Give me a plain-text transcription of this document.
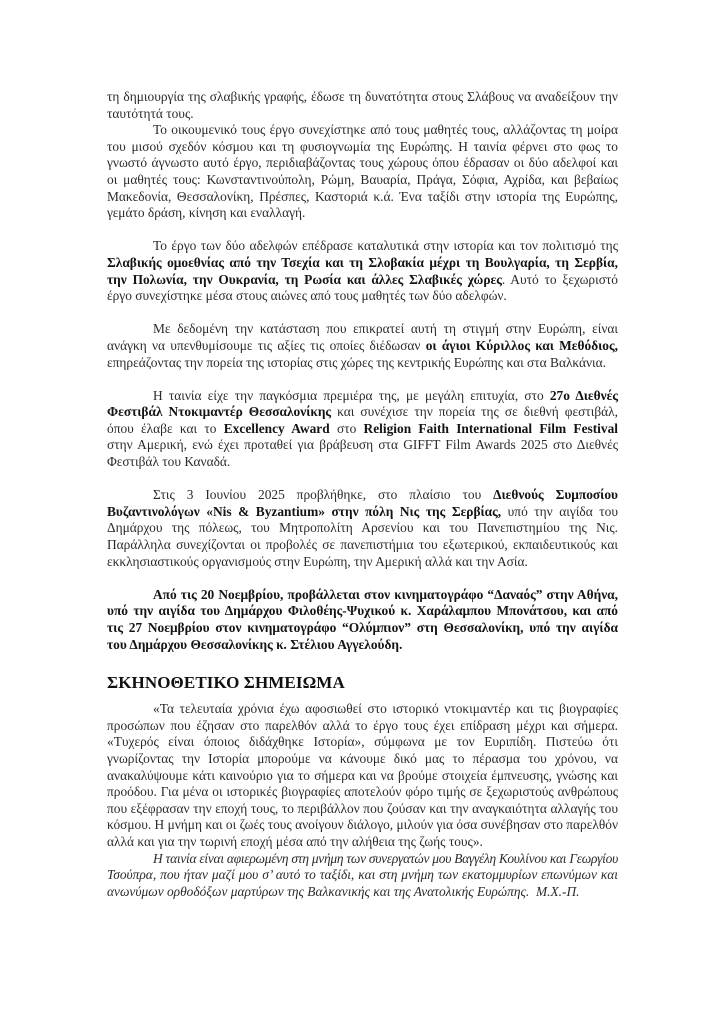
τη δημιουργία της σλαβικής γραφής, έδωσε τη δυνατότητα στους Σλάβους να αναδείξουν την
ταυτότητά τους.
Το οικουμενικό τους έργο συνεχίστηκε από τους μαθητές τους, αλλάζοντας τη μοίρα
του μισού σχεδόν κόσμου και τη φυσιογνωμία της Ευρώπης. Η ταινία φέρνει στο φως το
γνωστό άγνωστο αυτό έργο, περιδιαβάζοντας τους χώρους όπου έδρασαν οι δύο αδελφοί και
οι μαθητές τους: Κωνσταντινούπολη, Ρώμη, Βαυαρία, Πράγα, Σόφια, Αχρίδα, και βεβαίως
Μακεδονία, Θεσσαλονίκη, Πρέσπες, Καστοριά κ.ά. Ένα ταξίδι στην ιστορία της Ευρώπης,
γεμάτο δράση, κίνηση και εναλλαγή.
Το έργο των δύο αδελφών επέδρασε καταλυτικά στην ιστορία και τον πολιτισμό της
Σλαβικής ομοεθνίας από την Τσεχία και τη Σλοβακία μέχρι τη Βουλγαρία, τη Σερβία,
την Πολωνία, την Ουκρανία, τη Ρωσία και άλλες Σλαβικές χώρες. Αυτό το ξεχωριστό
έργο συνεχίστηκε μέσα στους αιώνες από τους μαθητές των δύο αδελφών.
Με δεδομένη την κατάσταση που επικρατεί αυτή τη στιγμή στην Ευρώπη, είναι
ανάγκη να υπενθυμίσουμε τις αξίες τις οποίες διέδωσαν οι άγιοι Κύριλλος και Μεθόδιος,
επηρεάζοντας την πορεία της ιστορίας στις χώρες της κεντρικής Ευρώπης και στα Βαλκάνια.
Η ταινία είχε την παγκόσμια πρεμιέρα της, με μεγάλη επιτυχία, στο 27ο Διεθνές
Φεστιβάλ Ντοκιμαντέρ Θεσσαλονίκης και συνέχισε την πορεία της σε διεθνή φεστιβάλ,
όπου έλαβε και το Excellency Award στο Religion Faith International Film Festival
στην Αμερική, ενώ έχει προταθεί για βράβευση στα GIFFT Film Awards 2025 στο Διεθνές
Φεστιβάλ του Καναδά.
Στις 3 Ιουνίου 2025 προβλήθηκε, στο πλαίσιο του Διεθνούς Συμποσίου
Βυζαντινολόγων «Nis & Byzantium» στην πόλη Νις της Σερβίας, υπό την αιγίδα του
Δημάρχου της πόλεως, του Μητροπολίτη Αρσενίου και του Πανεπιστημίου της Νις.
Παράλληλα συνεχίζονται οι προβολές σε πανεπιστήμια του εξωτερικού, εκπαιδευτικούς και
εκκλησιαστικούς οργανισμούς στην Ευρώπη, την Αμερική αλλά και την Ασία.
Από τις 20 Νοεμβρίου, προβάλλεται στον κινηματογράφο “Δαναός” στην Αθήνα,
υπό την αιγίδα του Δημάρχου Φιλοθέης-Ψυχικού κ. Χαράλαμπου Μπονάτσου, και από
τις 27 Νοεμβρίου στον κινηματογράφο “Ολύμπιον” στη Θεσσαλονίκη, υπό την αιγίδα
του Δημάρχου Θεσσαλονίκης κ. Στέλιου Αγγελούδη.
ΣΚΗΝΟΘΕΤΙΚΟ ΣΗΜΕΙΩΜΑ
«Τα τελευταία χρόνια έχω αφοσιωθεί στο ιστορικό ντοκιμαντέρ και τις βιογραφίες
προσώπων που έζησαν στο παρελθόν αλλά το έργο τους έχει επίδραση μέχρι και σήμερα.
«Τυχερός είναι όποιος διδάχθηκε Ιστορία», σύμφωνα με τον Ευριπίδη. Πιστεύω ότι
γνωρίζοντας την Ιστορία μπορούμε να κάνουμε δικό μας το πέρασμα του χρόνου, να
ανακαλύψουμε κάτι καινούριο για το σήμερα και να βρούμε στοιχεία έμπνευσης, γνώσης και
προόδου. Για μένα οι ιστορικές βιογραφίες αποτελούν φόρο τιμής σε ξεχωριστούς ανθρώπους
που εξέφρασαν την εποχή τους, το περιβάλλον που ζούσαν και την αναγκαιότητα αλλαγής του
κόσμου. Η μνήμη και οι ζωές τους ανοίγουν διάλογο, μιλούν για όσα συνέβησαν στο παρελθόν
αλλά και για την τωρινή εποχή μέσα από την αλήθεια της ζωής τους».
Η ταινία είναι αφιερωμένη στη μνήμη των συνεργατών μου Βαγγέλη Κουλίνου και Γεωργίου
Τσούπρα, που ήταν μαζί μου σ’ αυτό το ταξίδι, και στη μνήμη των εκατομμυρίων επωνύμων και
ανωνύμων ορθοδόξων μαρτύρων της Βαλκανικής και της Ανατολικής Ευρώπης.  Μ.Χ.-Π.
